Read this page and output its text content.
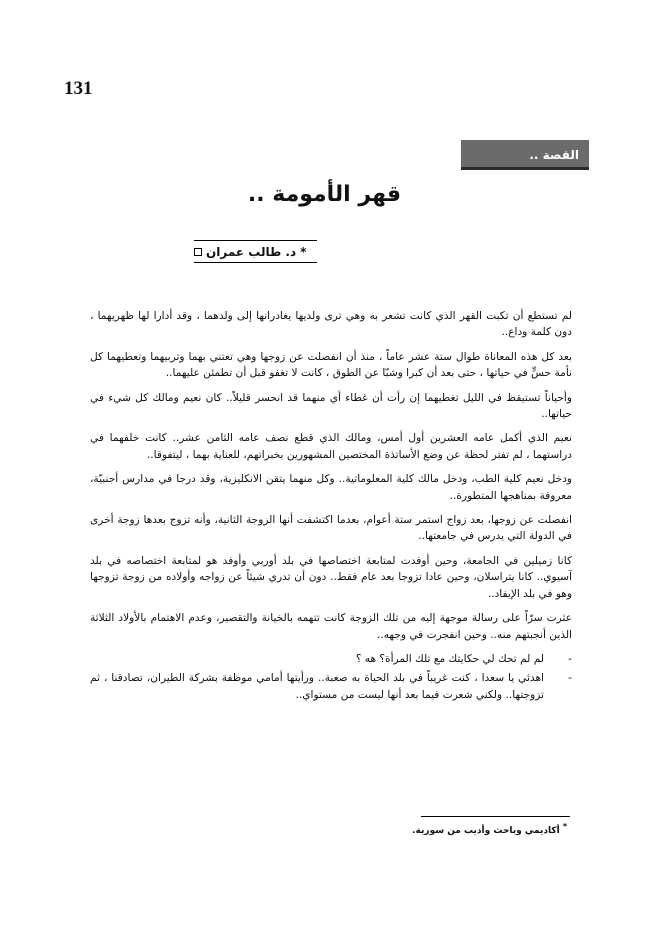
131
القصة ..
قهر الأمومة ..
د. طالب عمران *

لم تستطع أن تكبت القهر الذي كانت تشعر به وهي ترى ولديها يغادرانها إلى ولدهما ، وقد أدارا لها ظهريهما ، دون كلمة وداع..

بعد كل هذه المعاناة طوال ستة عشر عاماً ، منذ أن انفصلت عن زوجها وهي تعتني بهما وتربيهما وتعطيهما كل نأمة حسٍّ في حياتها ، حتى بعد أن كبرا وشبّا عن الطوق ، كانت لا تغفو قبل أن تطمئن عليهما..

وأحياناً تستيقظ في الليل تغطيهما إن رأت أن غطاء أي منهما قد انحسر قليلاً.. كان نعيم ومالك كل شيء في حياتها..

نعيم الذي أكمل عامه العشرين أول أمس، ومالك الذي قطع نصف عامه الثامن عشر.. كانت خلفهما في دراستهما ، لم تفتر لحظة عن وضع الأساتذة المختصين المشهورين بخبراتهم، للعناية بهما ، ليتفوقا..

ودخل نعيم كلية الطب، ودخل مالك كلية المعلوماتية.. وكل منهما يتقن الانكليزية، وقد درجا في مدارس أجنبيّة، معروفة بمناهجها المتطورة..

انفصلت عن زوجها، بعد زواج استمر ستة أعوام، بعدما اكتشفت أنها الزوجة الثانية، وأنه تزوج بعدها زوجة أخرى في الدولة التي يدرس في جامعتها..

كانا زميلين في الجامعة، وحين أوفدت لمتابعة اختصاصها في بلد أوربي وأوفد هو لمتابعة اختصاصه في بلد آسيوي.. كانا يتراسلان، وحين عادا تزوجا بعد عام فقط.. دون أن تدري شيئاً عن زواجه وأولاده من زوجة تزوجها وهو في بلد الإيفاد..

عثرت سرّاً على رسالة موجهة إليه من تلك الزوجة كانت تتهمه بالخيانة والتقصير، وعدم الاهتمام بالأولاد الثلاثة الذين أنجبتهم منه.. وحين انفجرت في وجهه..

-
لم لم تحك لي حكايتك مع تلك المرأة؟ هه ؟
-
اهدئي يا سعدا ، كنت غريباً في بلد الحياة به صعبة.. ورأيتها أمامي موظفة بشركة الطيران، تصادقنا ، ثم تزوجتها.. ولكني شعرت فيما بعد أنها ليست من مستواي..
* أكاديمي وباحث وأديب من سورية.
